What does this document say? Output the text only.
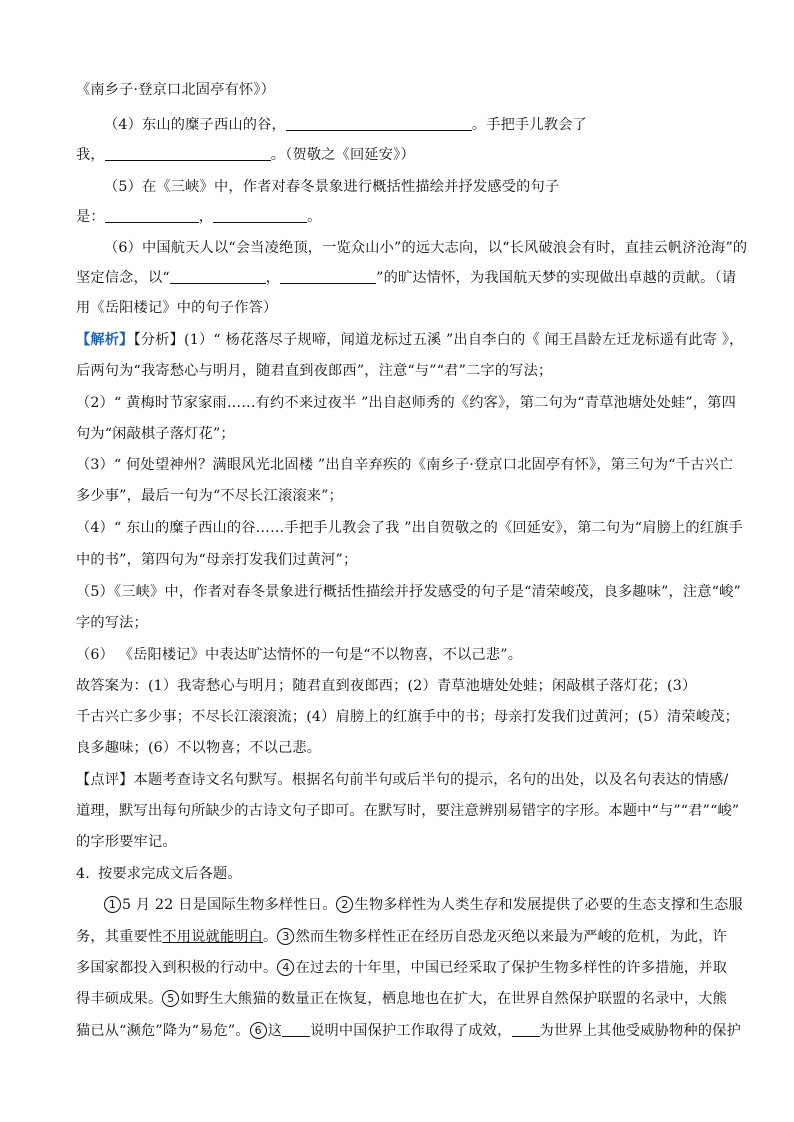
《南乡子·登京口北固亭有怀》）
（4）东山的糜子西山的谷，	。手把手儿教会了
我，	。（贺敬之《回延安》）
（5）在《三峡》中，作者对春冬景象进行概括性描绘并抒发感受的句子
是：	，	。
（6）中国航天人以“会当凌绝顶，一览众山小”的远大志向，以“长风破浪会有时，直挂云帆济沧海”的
坚定信念，以“	，	”的旷达情怀，为我国航天梦的实现做出卓越的贡献。（请
用《岳阳楼记》中的句子作答）
【解析】【分析】(1）“ 杨花落尽子规啼，闻道龙标过五溪 ”出自李白的《 闻王昌龄左迁龙标遥有此寄 》，
后两句为“我寄愁心与明月，随君直到夜郎西”，注意“与”“君”二字的写法；
（2）“ 黄梅时节家家雨……有约不来过夜半 ”出自赵师秀的《约客》，第二句为“青草池塘处处蛙”，第四
句为“闲敲棋子落灯花”；
（3）“ 何处望神州？满眼风光北固楼 ”出自辛弃疾的《南乡子·登京口北固亭有怀》，第三句为“千古兴亡
多少事”，最后一句为“不尽长江滚滚来”；
（4）“ 东山的糜子西山的谷……手把手儿教会了我 ”出自贺敬之的《回延安》，第二句为“肩膀上的红旗手
中的书”，第四句为“母亲打发我们过黄河”；
（5）《三峡》中，作者对春冬景象进行概括性描绘并抒发感受的句子是“清荣峻茂，良多趣味”，注意“峻”
字的写法；
（6） 《岳阳楼记》中表达旷达情怀的一句是“不以物喜，不以己悲”。
故答案为：(1）我寄愁心与明月；随君直到夜郎西；(2）青草池塘处处蛙；闲敲棋子落灯花；(3）
千古兴亡多少事；不尽长江滚滚流；(4）肩膀上的红旗手中的书；母亲打发我们过黄河；(5）清荣峻茂；
良多趣味；(6）不以物喜；不以己悲。
【点评】本题考查诗文名句默写。根据名句前半句或后半句的提示，名句的出处，以及名句表达的情感/
道理，默写出每句所缺少的古诗文句子即可。在默写时，要注意辨别易错字的字形。本题中“与”“君”“峻”
的字形要牢记。
4. 按要求完成文后各题。
1 5 月 22 日是国际生物多样性日。 2 生物多样性为人类生存和发展提供了必要的生态支撑和生态服
务，其重要性不用说就能明白。 3 然而生物多样性正在经历自恐龙灭绝以来最为严峻的危机，为此，许
多国家都投入到积极的行动中。 4 在过去的十年里，中国已经采取了保护生物多样性的许多措施，并取
得丰硕成果。 5 如野生大熊猫的数量正在恢复，栖息地也在扩大，在世界自然保护联盟的名录中，大熊
猫已从“濒危”降为“易危”。 6 这 说明中国保护工作取得了成效， 为世界上其他受威胁物种的保护
